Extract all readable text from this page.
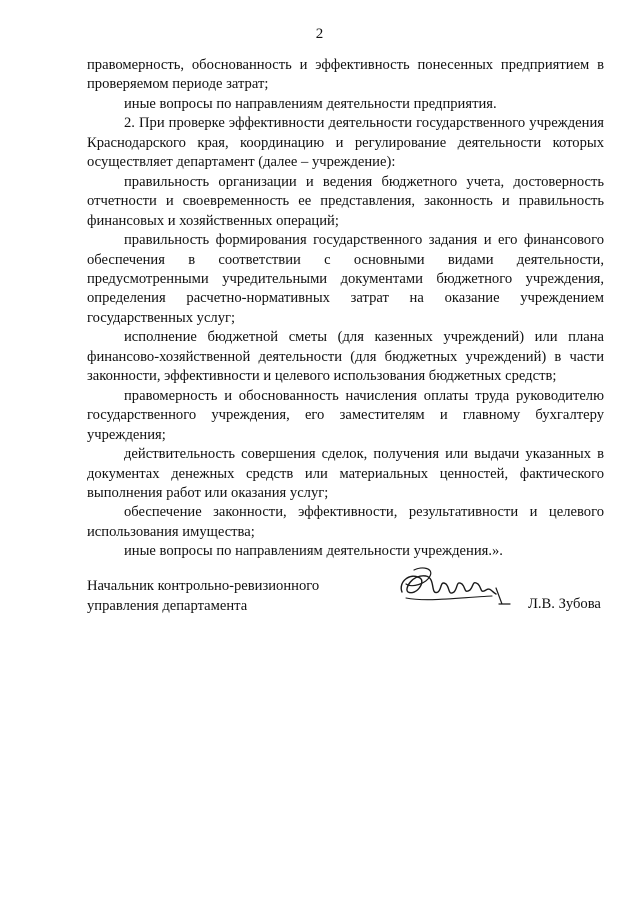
2

правомерность, обоснованность и эффективность понесенных предприятием в проверяемом периоде затрат;

иные вопросы по направлениям деятельности предприятия.

2. При проверке эффективности деятельности государственного учреждения Краснодарского края, координацию и регулирование деятельности которых осуществляет департамент (далее – учреждение):

правильность организации и ведения бюджетного учета, достоверность отчетности и своевременность ее представления, законность и правильность финансовых и хозяйственных операций;

правильность формирования государственного задания и его финансового обеспечения в соответствии с основными видами деятельности, предусмотренными учредительными документами бюджетного учреждения, определения расчетно-нормативных затрат на оказание учреждением государственных услуг;

исполнение бюджетной сметы (для казенных учреждений) или плана финансово-хозяйственной деятельности (для бюджетных учреждений) в части законности, эффективности и целевого использования бюджетных средств;

правомерность и обоснованность начисления оплаты труда руководителю государственного учреждения, его заместителям и главному бухгалтеру учреждения;

действительность совершения сделок, получения или выдачи указанных в документах денежных средств или материальных ценностей, фактического выполнения работ или оказания услуг;

обеспечение законности, эффективности, результативности и целевого использования имущества;

иные вопросы по направлениям деятельности учреждения.».

Начальник контрольно-ревизионного
управления департамента	Л.В. Зубова
